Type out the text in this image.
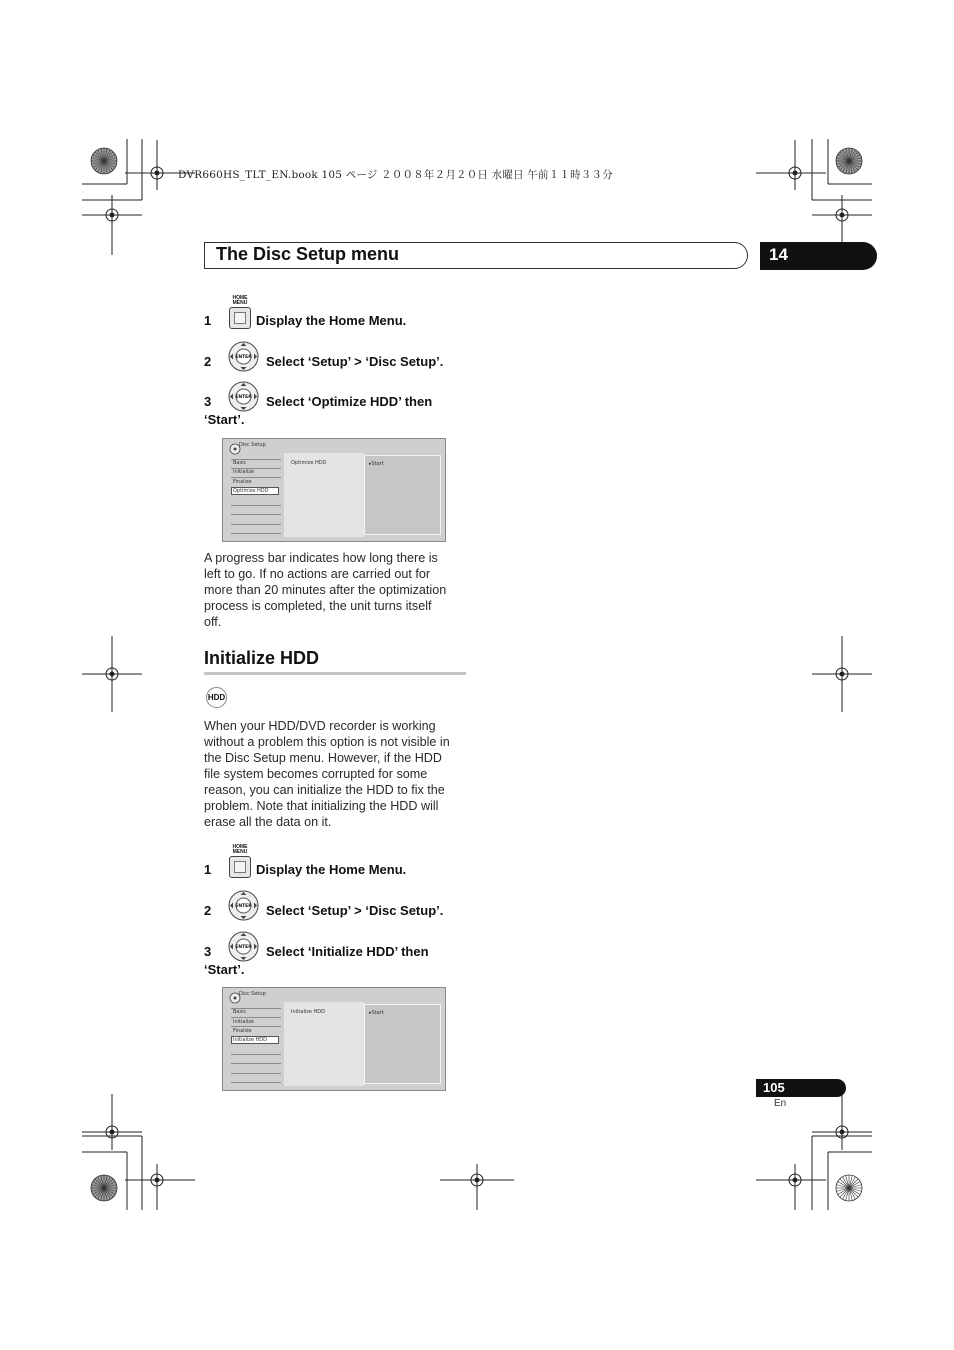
DVR660HS_TLT_EN.book 105 ページ ２００８年２月２０日 水曜日 午前１１時３３分
The Disc Setup menu	14
1
HOME
MENU
Display the Home Menu.
2	ENTER Select ‘Setup’ > ‘Disc Setup’.
3	ENTER Select ‘Optimize HDD’ then
‘Start’.
Disc Setup
Basic
Initialize
Finalize
Optimize HDD
Optimize HDD	▸Start
A progress bar indicates how long there is
left to go. If no actions are carried out for
more than 20 minutes after the optimization
process is completed, the unit turns itself
off.
Initialize HDD
HDD
When your HDD/DVD recorder is working
without a problem this option is not visible in
the Disc Setup menu. However, if the HDD
file system becomes corrupted for some
reason, you can initialize the HDD to fix the
problem. Note that initializing the HDD will
erase all the data on it.
1
HOME
MENU
Display the Home Menu.
2	ENTER Select ‘Setup’ > ‘Disc Setup’.
3	ENTER Select ‘Initialize HDD’ then
‘Start’.
Disc Setup
Basic
Initialize
Finalize
Initialize HDD
Initialize HDD	▸Start
105
En
